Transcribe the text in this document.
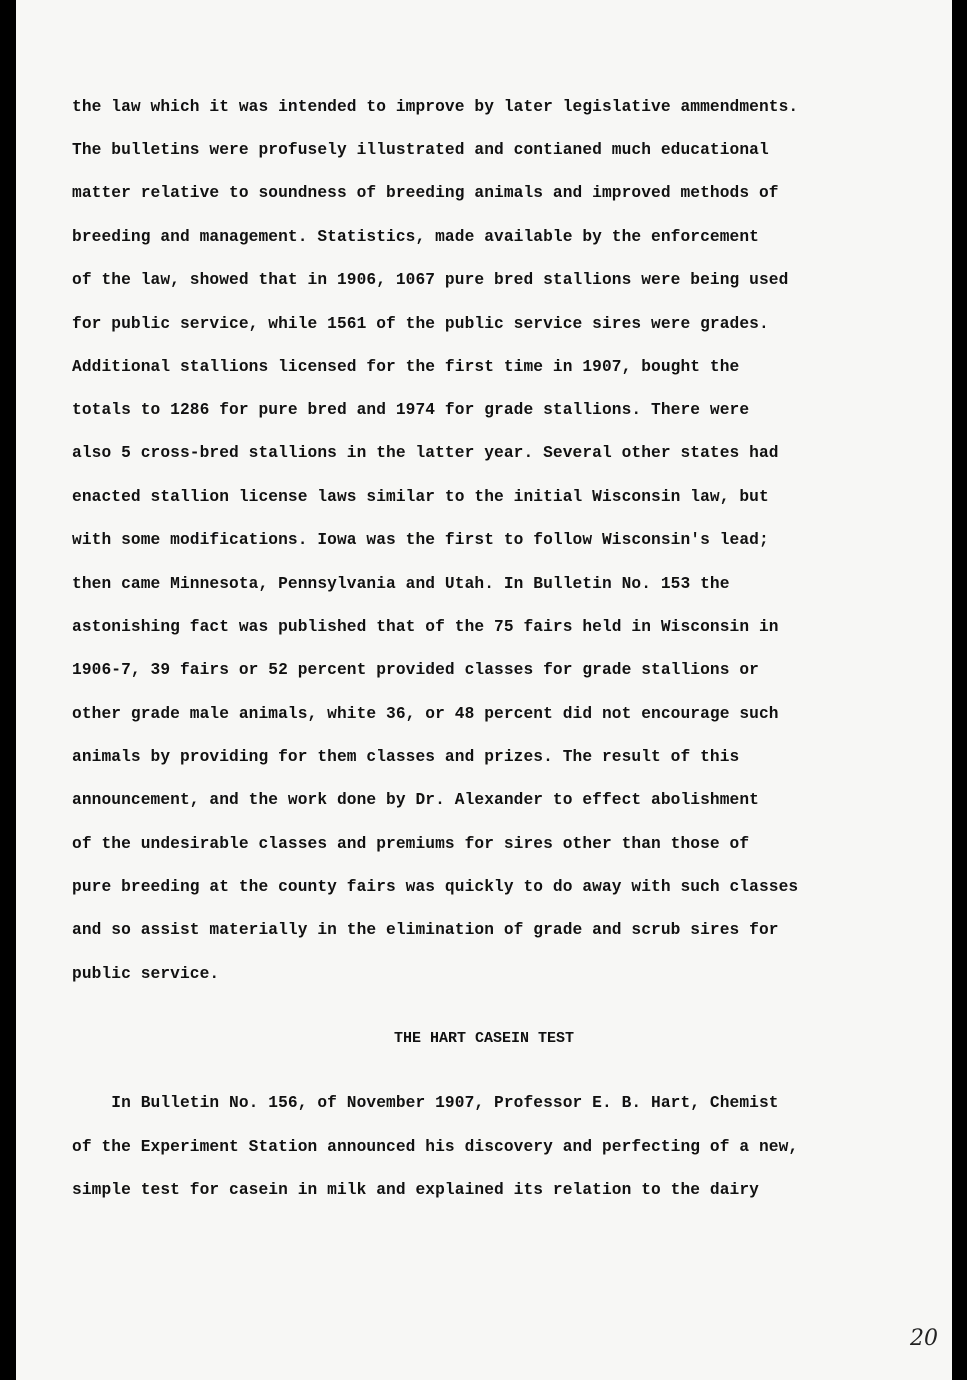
the law which it was intended to improve by later legislative ammendments.
The bulletins were profusely illustrated and contianed much educational
matter relative to soundness of breeding animals and improved methods of
breeding and management. Statistics, made available by the enforcement
of the law, showed that in 1906, 1067 pure bred stallions were being used
for public service, while 1561 of the public service sires were grades.
Additional stallions licensed for the first time in 1907, bought the
totals to 1286 for pure bred and 1974 for grade stallions. There were
also 5 cross-bred stallions in the latter year. Several other states had
enacted stallion license laws similar to the initial Wisconsin law, but
with some modifications. Iowa was the first to follow Wisconsin's lead;
then came Minnesota, Pennsylvania and Utah. In Bulletin No. 153 the
astonishing fact was published that of the 75 fairs held in Wisconsin in
1906-7, 39 fairs or 52 percent provided classes for grade stallions or
other grade male animals, white 36, or 48 percent did not encourage such
animals by providing for them classes and prizes. The result of this
announcement, and the work done by Dr. Alexander to effect abolishment
of the undesirable classes and premiums for sires other than those of
pure breeding at the county fairs was quickly to do away with such classes
and so assist materially in the elimination of grade and scrub sires for
public service.
THE HART CASEIN TEST
In Bulletin No. 156, of November 1907, Professor E. B. Hart, Chemist
of the Experiment Station announced his discovery and perfecting of a new,
simple test for casein in milk and explained its relation to the dairy
20
